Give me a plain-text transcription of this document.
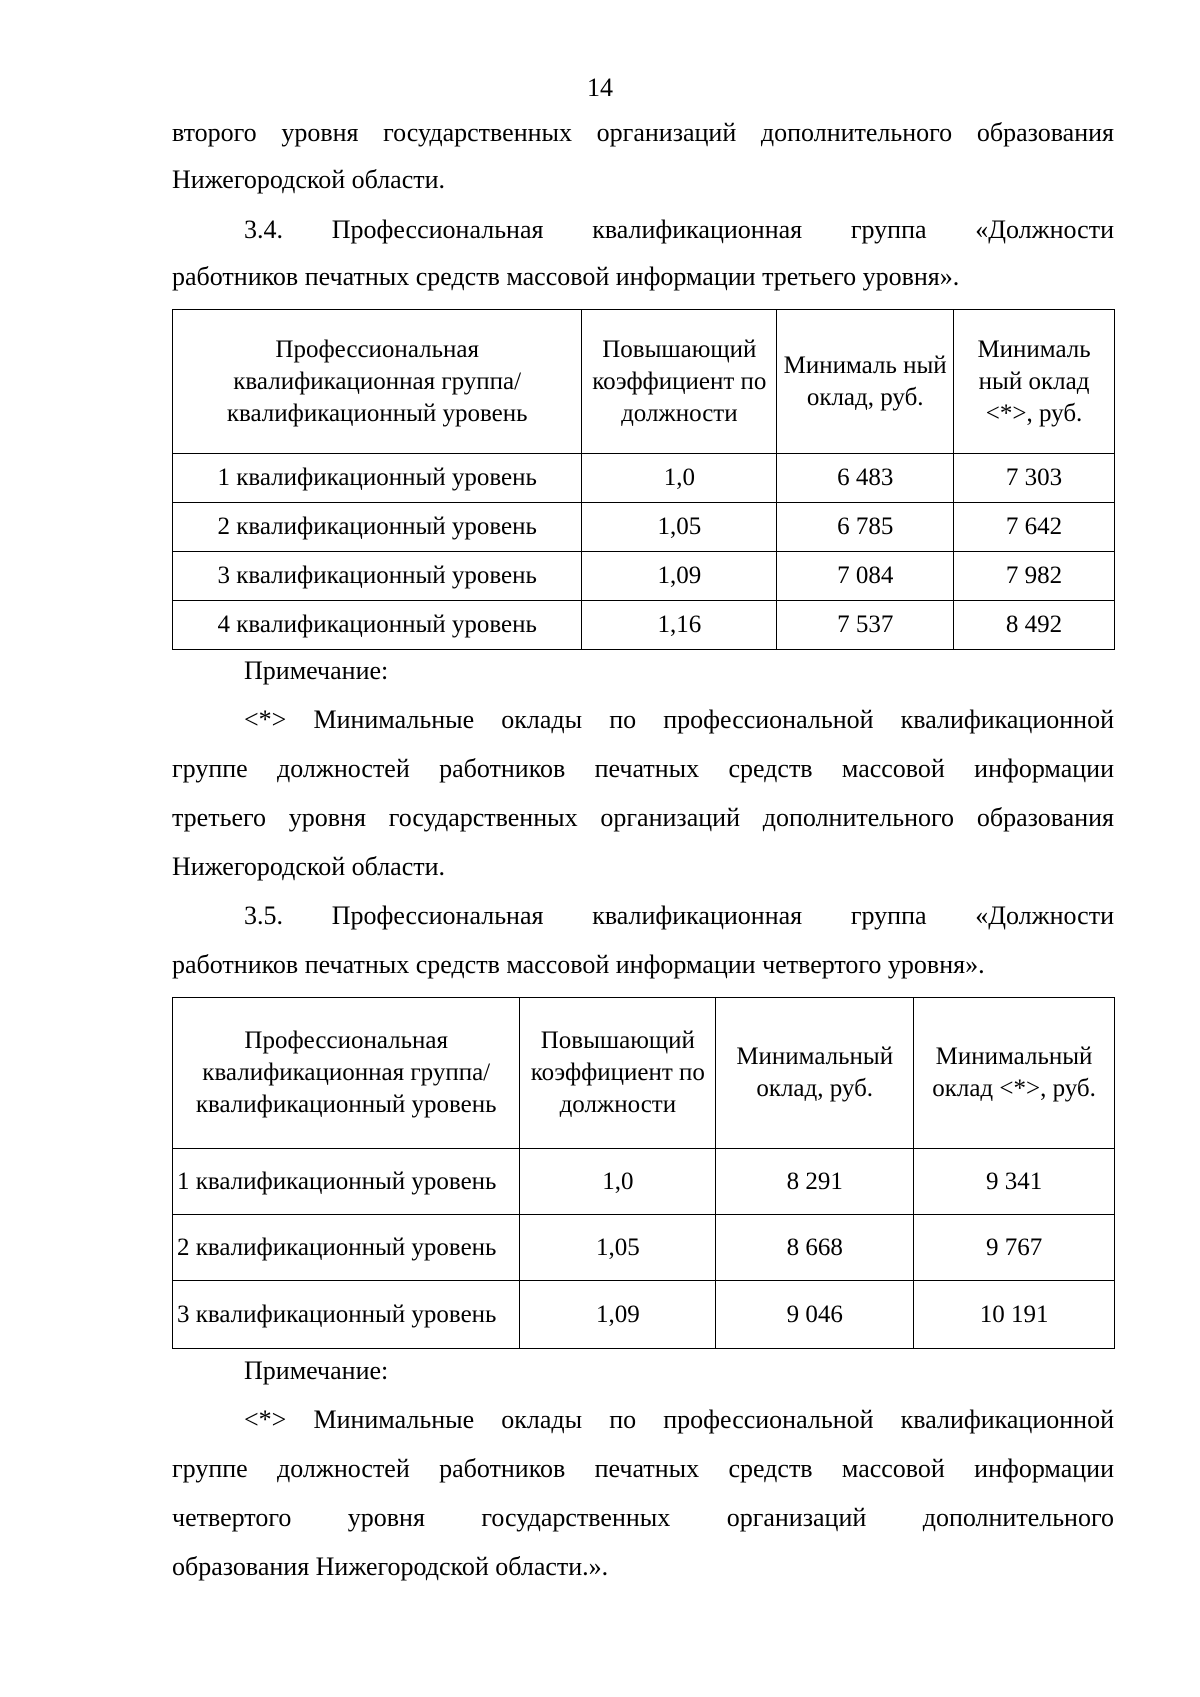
14
второго уровня государственных организаций дополнительного образования
Нижегородской области.
3.4. Профессиональная квалификационная группа «Должности
работников печатных средств массовой информации третьего уровня».
Профессиональная квалификационная группа/квалификационный уровень	Повышающий коэффициент по должности	Минималь ный оклад, руб.	Минималь ный оклад <*>, руб.
1 квалификационный уровень	1,0	6 483	7 303
2 квалификационный уровень	1,05	6 785	7 642
3 квалификационный уровень	1,09	7 084	7 982
4 квалификационный уровень	1,16	7 537	8 492
Примечание:
<*> Минимальные оклады по профессиональной квалификационной
группе должностей работников печатных средств массовой информации
третьего уровня государственных организаций дополнительного образования
Нижегородской области.
3.5. Профессиональная квалификационная группа «Должности
работников печатных средств массовой информации четвертого уровня».
Профессиональная квалификационная группа/квалификационный уровень	Повышающий коэффициент по должности	Минимальный оклад, руб.	Минимальный оклад <*>, руб.
1 квалификационный уровень	1,0	8 291	9 341
2 квалификационный уровень	1,05	8 668	9 767
3 квалификационный уровень	1,09	9 046	10 191
Примечание:
<*> Минимальные оклады по профессиональной квалификационной
группе должностей работников печатных средств массовой информации
четвертого уровня государственных организаций дополнительного
образования Нижегородской области.».
